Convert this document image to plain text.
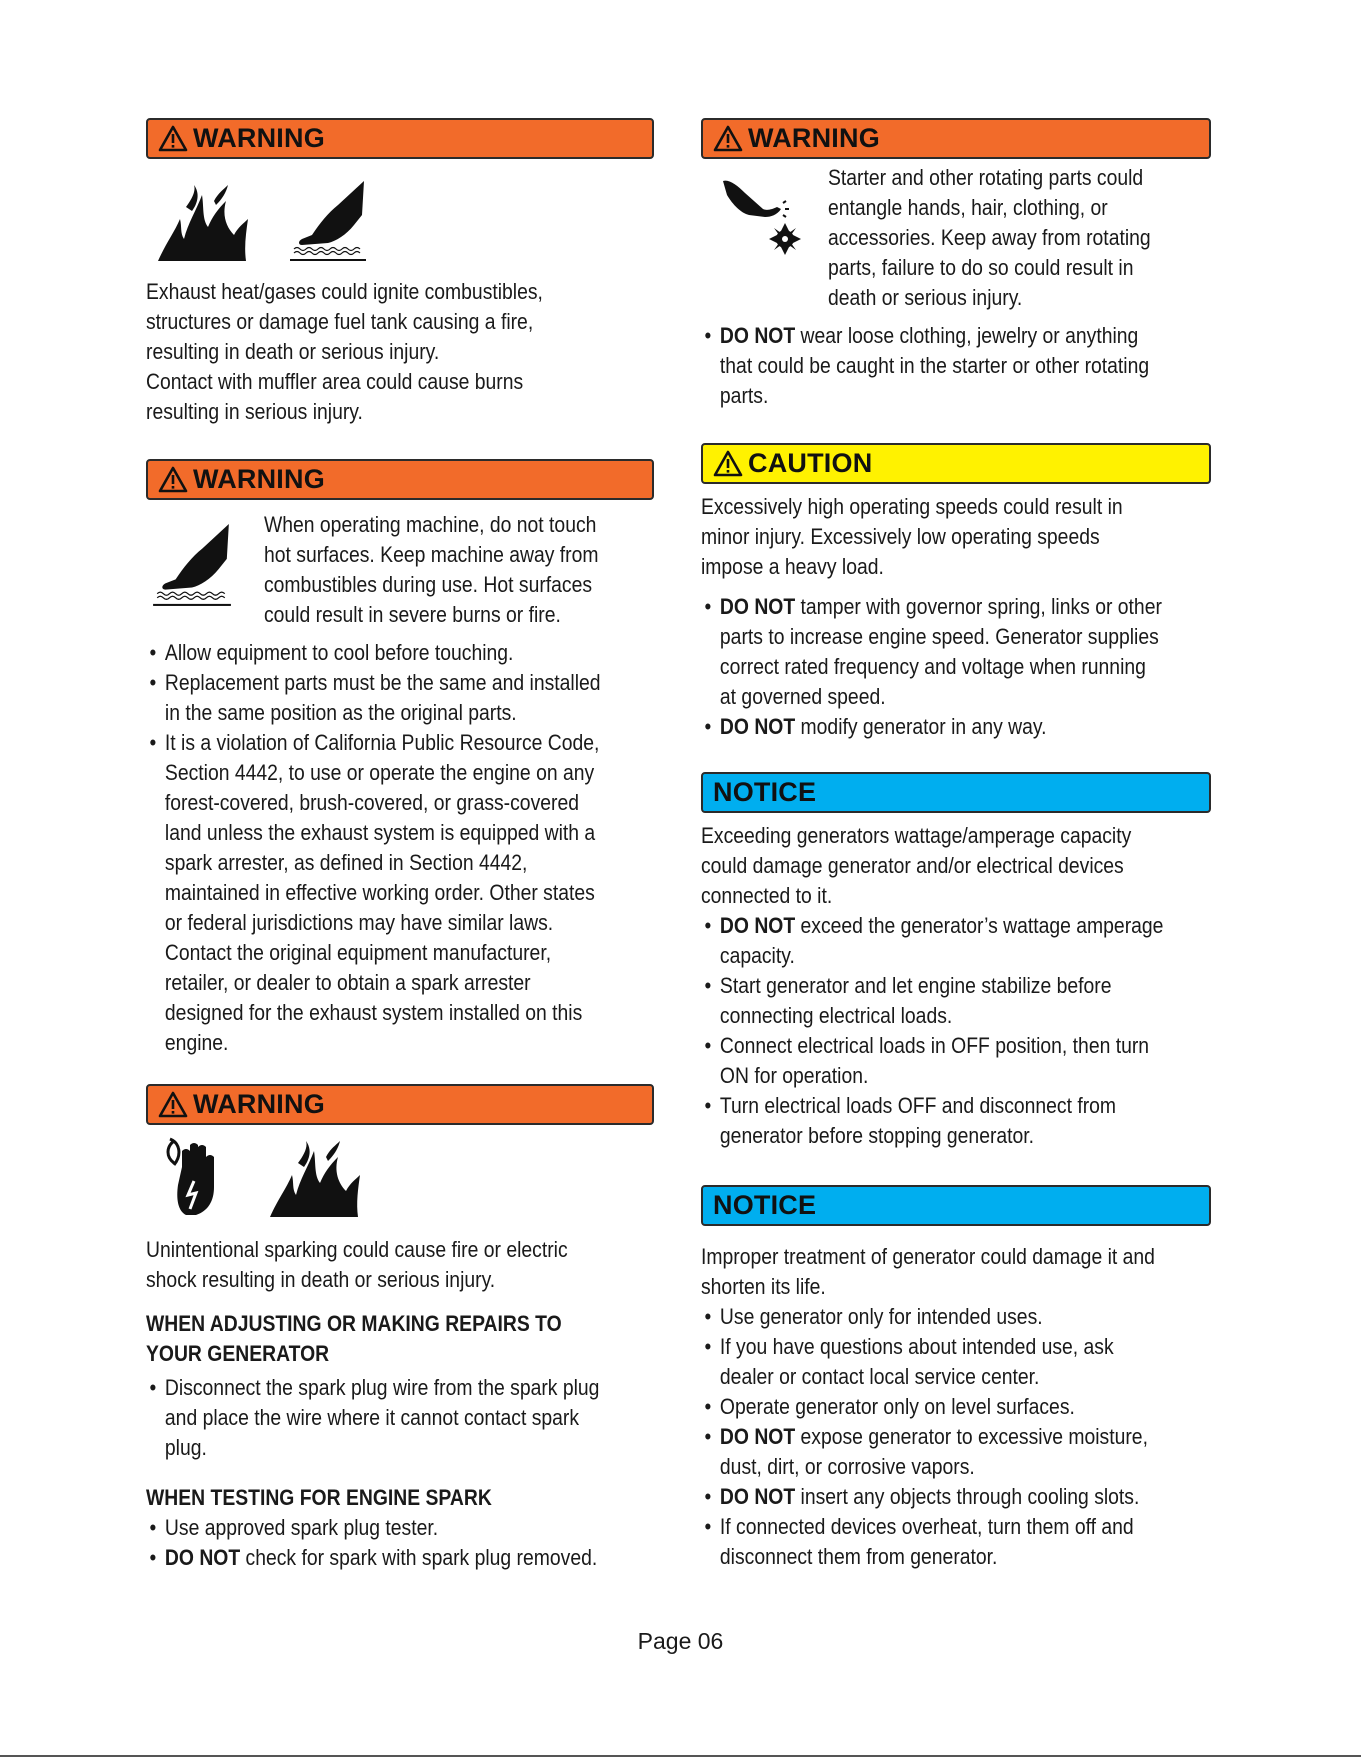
WARNING

Exhaust heat/gases could ignite combustibles,

structures or damage fuel tank causing a fire,

resulting in death or serious injury.

Contact with muffler area could cause burns

resulting in serious injury.

WARNING

When operating machine, do not touch

hot surfaces. Keep machine away from

combustibles during use. Hot surfaces

could result in severe burns or fire.

• Allow equipment to cool before touching.
• Replacement parts must be the same and installed
in the same position as the original parts.
• It is a violation of California Public Resource Code,
Section 4442, to use or operate the engine on any
forest-covered, brush-covered, or grass-covered
land unless the exhaust system is equipped with a
spark arrester, as defined in Section 4442,
maintained in effective working order. Other states
or federal jurisdictions may have similar laws.
Contact the original equipment manufacturer,
retailer, or dealer to obtain a spark arrester
designed for the exhaust system installed on this
engine.
WARNING

Unintentional sparking could cause fire or electric

shock resulting in death or serious injury.

WHEN ADJUSTING OR MAKING REPAIRS TO

YOUR GENERATOR

• Disconnect the spark plug wire from the spark plug
and place the wire where it cannot contact spark
plug.

WHEN TESTING FOR ENGINE SPARK

• Use approved spark plug tester.
• DO NOT check for spark with spark plug removed.
WARNING

Starter and other rotating parts could

entangle hands, hair, clothing, or

accessories. Keep away from rotating

parts, failure to do so could result in

death or serious injury.

• DO NOT wear loose clothing, jewelry or anything
that could be caught in the starter or other rotating
parts.
CAUTION

Excessively high operating speeds could result in

minor injury. Excessively low operating speeds

impose a heavy load.

• DO NOT tamper with governor spring, links or other
parts to increase engine speed. Generator supplies
correct rated frequency and voltage when running
at governed speed.
• DO NOT modify generator in any way.
NOTICE

Exceeding generators wattage/amperage capacity

could damage generator and/or electrical devices

connected to it.

• DO NOT exceed the generator’s wattage amperage
capacity.
• Start generator and let engine stabilize before
connecting electrical loads.
• Connect electrical loads in OFF position, then turn
ON for operation.
• Turn electrical loads OFF and disconnect from
generator before stopping generator.
NOTICE

Improper treatment of generator could damage it and

shorten its life.

• Use generator only for intended uses.
• If you have questions about intended use, ask
dealer or contact local service center.
• Operate generator only on level surfaces.
• DO NOT expose generator to excessive moisture,
dust, dirt, or corrosive vapors.
• DO NOT insert any objects through cooling slots.
• If connected devices overheat, turn them off and
disconnect them from generator.
Page 06
